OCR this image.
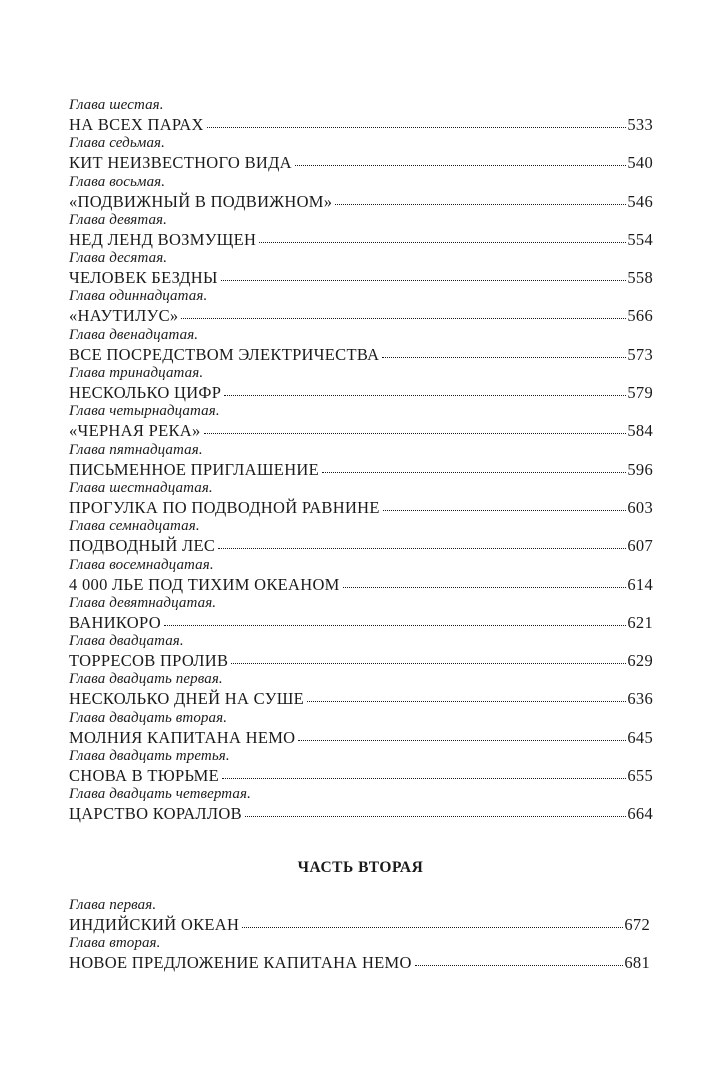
Глава шестая.
НА ВСЕХ ПАРАХ	533
Глава седьмая.
КИТ НЕИЗВЕСТНОГО ВИДА	540
Глава восьмая.
«ПОДВИЖНЫЙ В ПОДВИЖНОМ»	546
Глава девятая.
НЕД ЛЕНД ВОЗМУЩЕН	554
Глава десятая.
ЧЕЛОВЕК БЕЗДНЫ	558
Глава одиннадцатая.
«НАУТИЛУС»	566
Глава двенадцатая.
ВСЕ ПОСРЕДСТВОМ ЭЛЕКТРИЧЕСТВА	573
Глава тринадцатая.
НЕСКОЛЬКО ЦИФР	579
Глава четырнадцатая.
«ЧЕРНАЯ РЕКА»	584
Глава пятнадцатая.
ПИСЬМЕННОЕ ПРИГЛАШЕНИЕ	596
Глава шестнадцатая.
ПРОГУЛКА ПО ПОДВОДНОЙ РАВНИНЕ	603
Глава семнадцатая.
ПОДВОДНЫЙ ЛЕС	607
Глава восемнадцатая.
4 000 ЛЬЕ ПОД ТИХИМ ОКЕАНОМ	614
Глава девятнадцатая.
ВАНИКОРО	621
Глава двадцатая.
ТОРРЕСОВ ПРОЛИВ	629
Глава двадцать первая.
НЕСКОЛЬКО ДНЕЙ НА СУШЕ	636
Глава двадцать вторая.
МОЛНИЯ КАПИТАНА НЕМО	645
Глава двадцать третья.
СНОВА В ТЮРЬМЕ	655
Глава двадцать четвертая.
ЦАРСТВО КОРАЛЛОВ	664
ЧАСТЬ ВТОРАЯ
Глава первая.
ИНДИЙСКИЙ ОКЕАН	672
Глава вторая.
НОВОЕ ПРЕДЛОЖЕНИЕ КАПИТАНА НЕМО	681
